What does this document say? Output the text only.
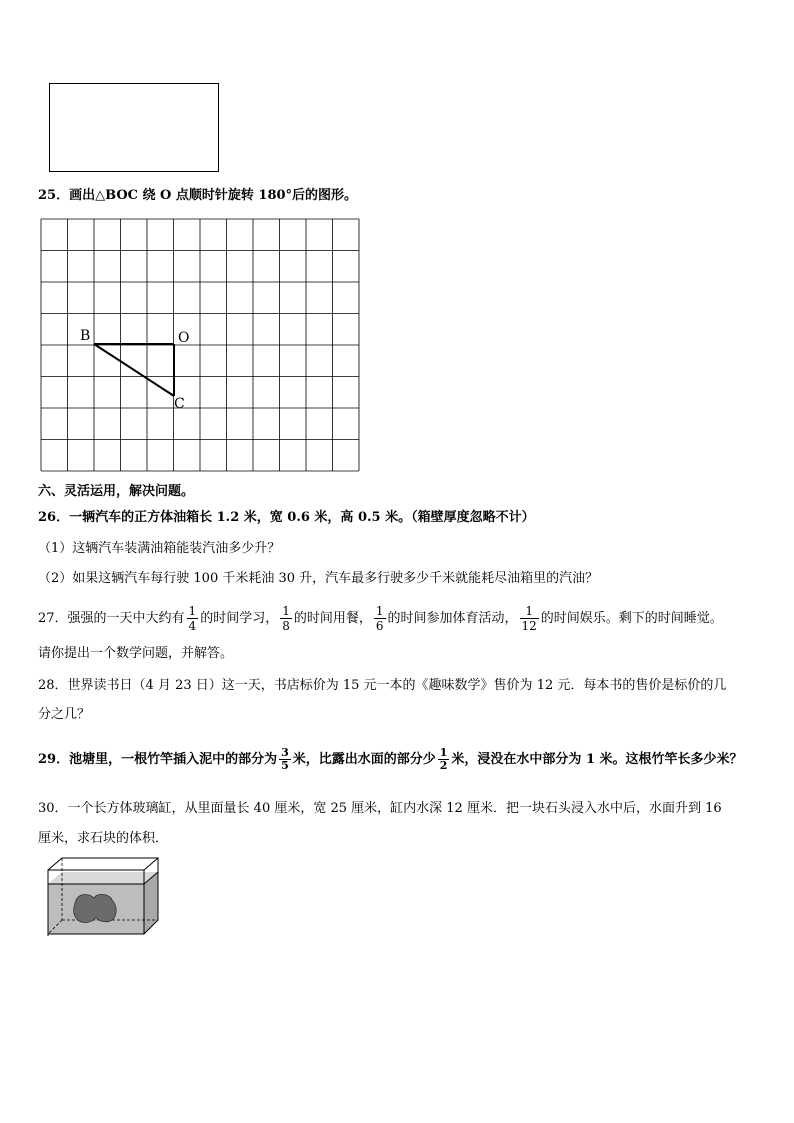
25．画出△BOC 绕 O 点顺时针旋转 180°后的图形。
B	O
C
六、灵活运用，解决问题。
26．一辆汽车的正方体油箱长 1.2 米，宽 0.6 米，高 0.5 米。（箱壁厚度忽略不计）
（1）这辆汽车装满油箱能装汽油多少升？
（2）如果这辆汽车每行驶 100 千米耗油 30 升，汽车最多行驶多少千米就能耗尽油箱里的汽油？
27．强强的一天中大约有 $\frac{1}{4}$ 的时间学习， $\frac{1}{8}$ 的时间用餐， $\frac{1}{6}$ 的时间参加体育活动， $\frac{1}{12}$ 的时间娱乐。剩下的时间睡觉。
请你提出一个数学问题，并解答。
28．世界读书日（4 月 23 日）这一天，书店标价为 15 元一本的《趣味数学》售价为 12 元．每本书的售价是标价的几
分之几？
29．池塘里，一根竹竿插入泥中的部分为 $\frac{3}{5}$ 米，比露出水面的部分少 $\frac{1}{2}$ 米，浸没在水中部分为 1 米。这根竹竿长多少米？
30．一个长方体玻璃缸，从里面量长 40 厘米，宽 25 厘米，缸内水深 12 厘米．把一块石头浸入水中后，水面升到 16
厘米，求石块的体积．
